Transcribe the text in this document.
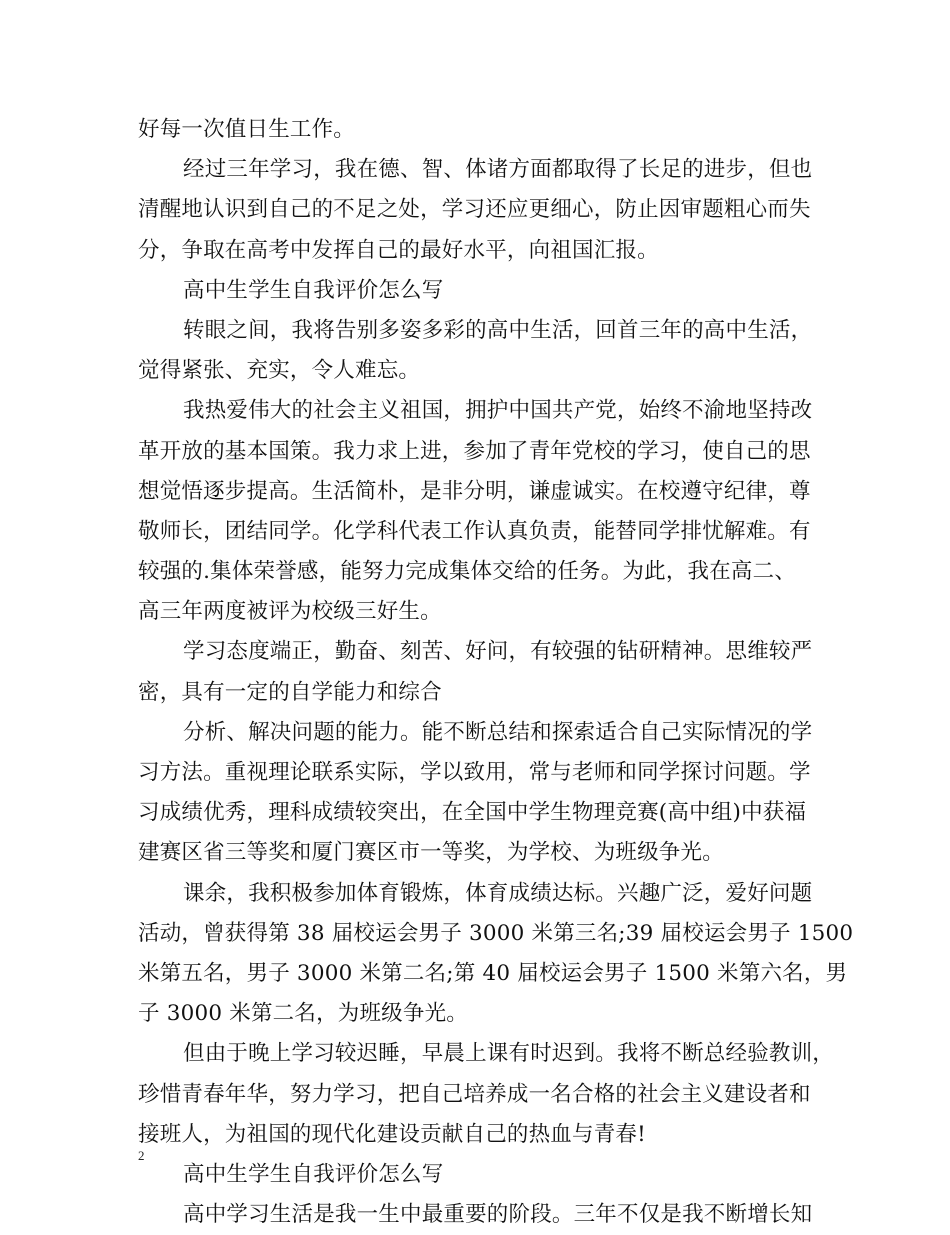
好每一次值日生工作。
经过三年学习，我在德、智、体诸方面都取得了长足的进步，但也
清醒地认识到自己的不足之处，学习还应更细心，防止因审题粗心而失
分，争取在高考中发挥自己的最好水平，向祖国汇报。
高中生学生自我评价怎么写
转眼之间，我将告别多姿多彩的高中生活，回首三年的高中生活，
觉得紧张、充实，令人难忘。
我热爱伟大的社会主义祖国，拥护中国共产党，始终不渝地坚持改
革开放的基本国策。我力求上进，参加了青年党校的学习，使自己的思
想觉悟逐步提高。生活简朴，是非分明，谦虚诚实。在校遵守纪律，尊
敬师长，团结同学。化学科代表工作认真负责，能替同学排忧解难。有
较强的.集体荣誉感，能努力完成集体交给的任务。为此，我在高二、
高三年两度被评为校级三好生。
学习态度端正，勤奋、刻苦、好问，有较强的钻研精神。思维较严
密，具有一定的自学能力和综合
分析、解决问题的能力。能不断总结和探索适合自己实际情况的学
习方法。重视理论联系实际，学以致用，常与老师和同学探讨问题。学
习成绩优秀，理科成绩较突出，在全国中学生物理竞赛(高中组)中获福
建赛区省三等奖和厦门赛区市一等奖，为学校、为班级争光。
课余，我积极参加体育锻炼，体育成绩达标。兴趣广泛，爱好问题
活动，曾获得第 38 届校运会男子 3000 米第三名;39 届校运会男子 1500
米第五名，男子 3000 米第二名;第 40 届校运会男子 1500 米第六名，男
子 3000 米第二名，为班级争光。
但由于晚上学习较迟睡，早晨上课有时迟到。我将不断总经验教训，
珍惜青春年华，努力学习，把自己培养成一名合格的社会主义建设者和
接班人，为祖国的现代化建设贡献自己的热血与青春!
高中生学生自我评价怎么写
高中学习生活是我一生中最重要的阶段。三年不仅是我不断增长知
2
